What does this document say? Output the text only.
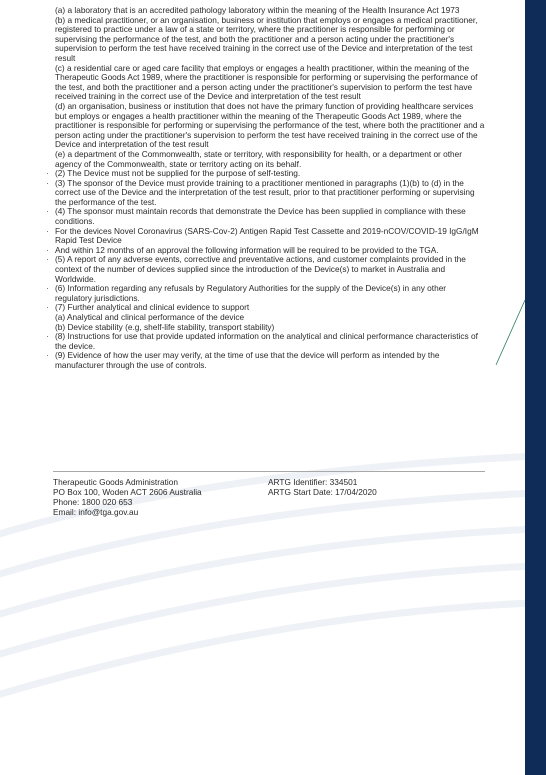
(a) a laboratory that is an accredited pathology laboratory within the meaning of the Health Insurance Act 1973

(b) a medical practitioner, or an organisation, business or institution that employs or engages a medical practitioner, registered to practice under a law of a state or territory, where the practitioner is responsible for performing or supervising the performance of the test, and both the practitioner and a person acting under the practitioner's supervision to perform the test have received training in the correct use of the Device and interpretation of the test result

(c) a residential care or aged care facility that employs or engages a health practitioner, within the meaning of the Therapeutic Goods Act 1989, where the practitioner is responsible for performing or supervising the performance of the test, and both the practitioner and a person acting under the practitioner's supervision to perform the test have received training in the correct use of the Device and interpretation of the test result

(d) an organisation, business or institution that does not have the primary function of providing healthcare services but employs or engages a health practitioner within the meaning of the Therapeutic Goods Act 1989, where the practitioner is responsible for performing or supervising the performance of the test, where both the practitioner and a person acting under the practitioner's supervision to perform the test have received training in the correct use of the Device and interpretation of the test result

(e) a department of the Commonwealth, state or territory, with responsibility for health, or a department or other agency of the Commonwealth, state or territory acting on its behalf.

· (2) The Device must not be supplied for the purpose of self-testing.

· (3) The sponsor of the Device must provide training to a practitioner mentioned in paragraphs (1)(b) to (d) in the correct use of the Device and the interpretation of the test result, prior to that practitioner performing or supervising the performance of the test.

· (4) The sponsor must maintain records that demonstrate the Device has been supplied in compliance with these conditions.

· For the devices Novel Coronavirus (SARS-Cov-2) Antigen Rapid Test Cassette and 2019-nCOV/COVID-19 IgG/IgM Rapid Test Device

· And within 12 months of an approval the following information will be required to be provided to the TGA.

· (5) A report of any adverse events, corrective and preventative actions, and customer complaints provided in the context of the number of devices supplied since the introduction of the Device(s) to market in Australia and Worldwide.

· (6) Information regarding any refusals by Regulatory Authorities for the supply of the Device(s) in any other regulatory jurisdictions.

· (7) Further analytical and clinical evidence to support

(a) Analytical and clinical performance of the device

(b) Device stability (e.g, shelf-life stability, transport stability)

· (8) Instructions for use that provide updated information on the analytical and clinical performance characteristics of the device.

· (9) Evidence of how the user may verify, at the time of use that the device will perform as intended by the manufacturer through the use of controls.

Therapeutic Goods Administration
PO Box 100, Woden ACT 2606 Australia
Phone: 1800 020 653
Email: info@tga.gov.au
ARTG Identifier: 334501
ARTG Start Date: 17/04/2020
